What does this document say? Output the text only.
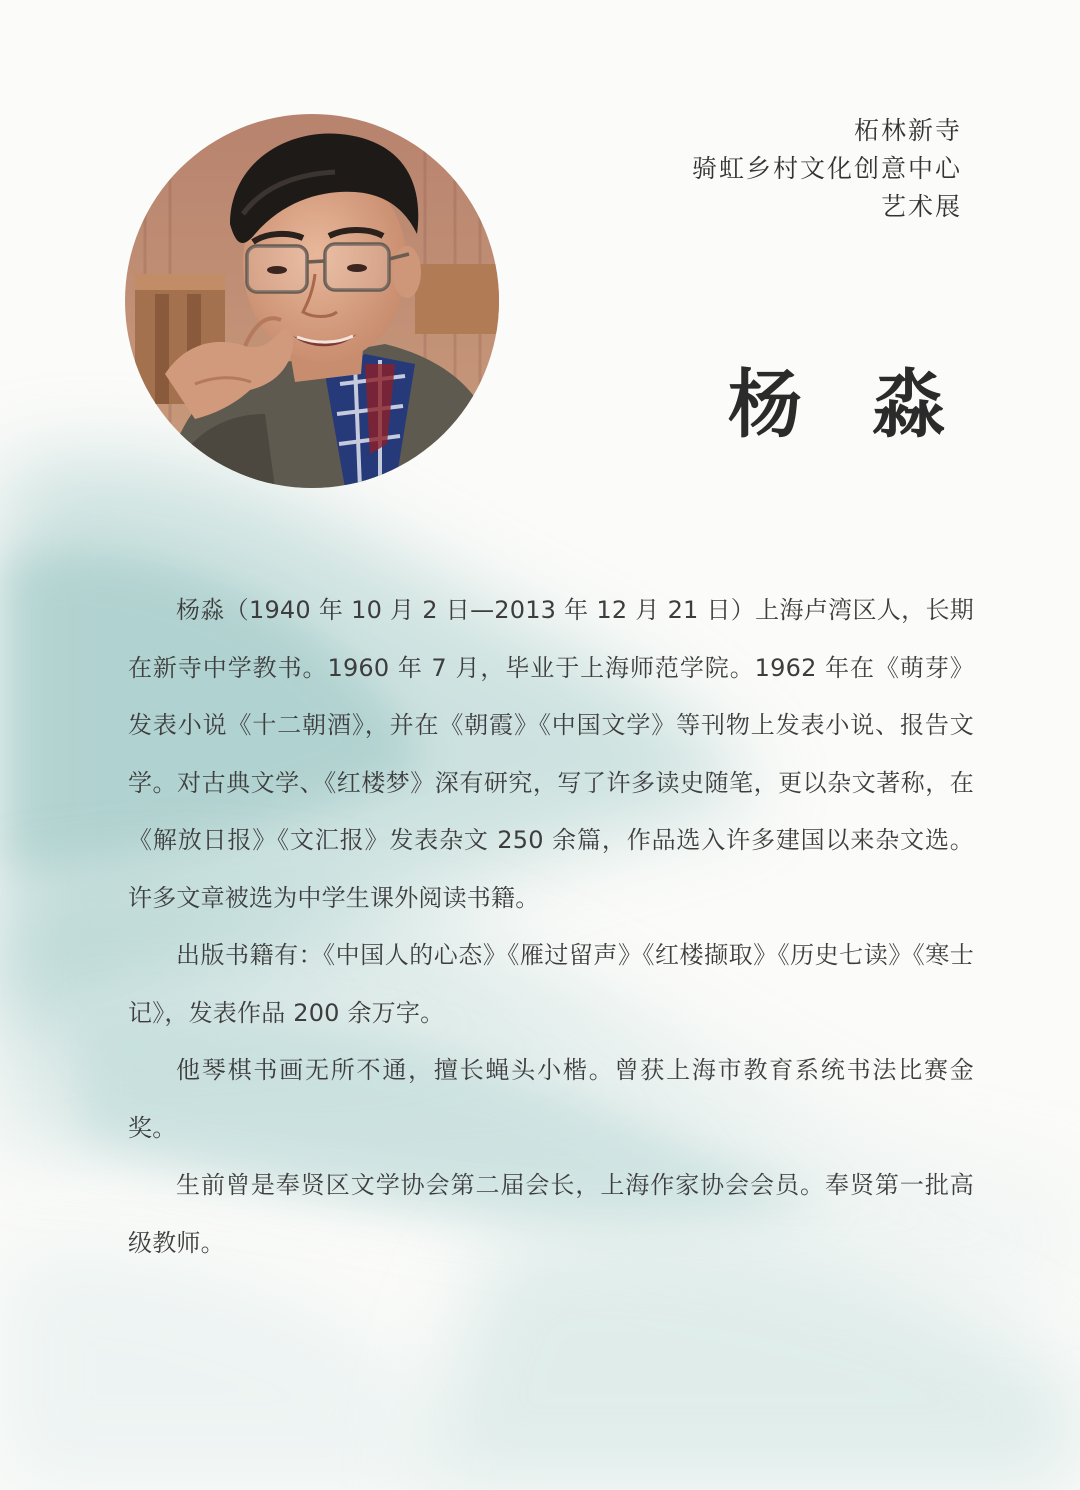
柘林新寺
骑虹乡村文化创意中心
艺术展
杨 淼

杨淼（1940 年 10 月 2 日—2013 年 12 月 21 日）上海卢湾区人，长期在新寺中学教书。1960 年 7 月，毕业于上海师范学院。1962 年在《萌芽》发表小说《十二朝酒》，并在《朝霞》《中国文学》等刊物上发表小说、报告文学。对古典文学、《红楼梦》深有研究，写了许多读史随笔，更以杂文著称，在《解放日报》《文汇报》发表杂文 250 余篇，作品选入许多建国以来杂文选。许多文章被选为中学生课外阅读书籍。

出版书籍有：《中国人的心态》《雁过留声》《红楼撷取》《历史七读》《寒士记》，发表作品 200 余万字。

他琴棋书画无所不通，擅长蝇头小楷。曾获上海市教育系统书法比赛金奖。

生前曾是奉贤区文学协会第二届会长，上海作家协会会员。奉贤第一批高级教师。
